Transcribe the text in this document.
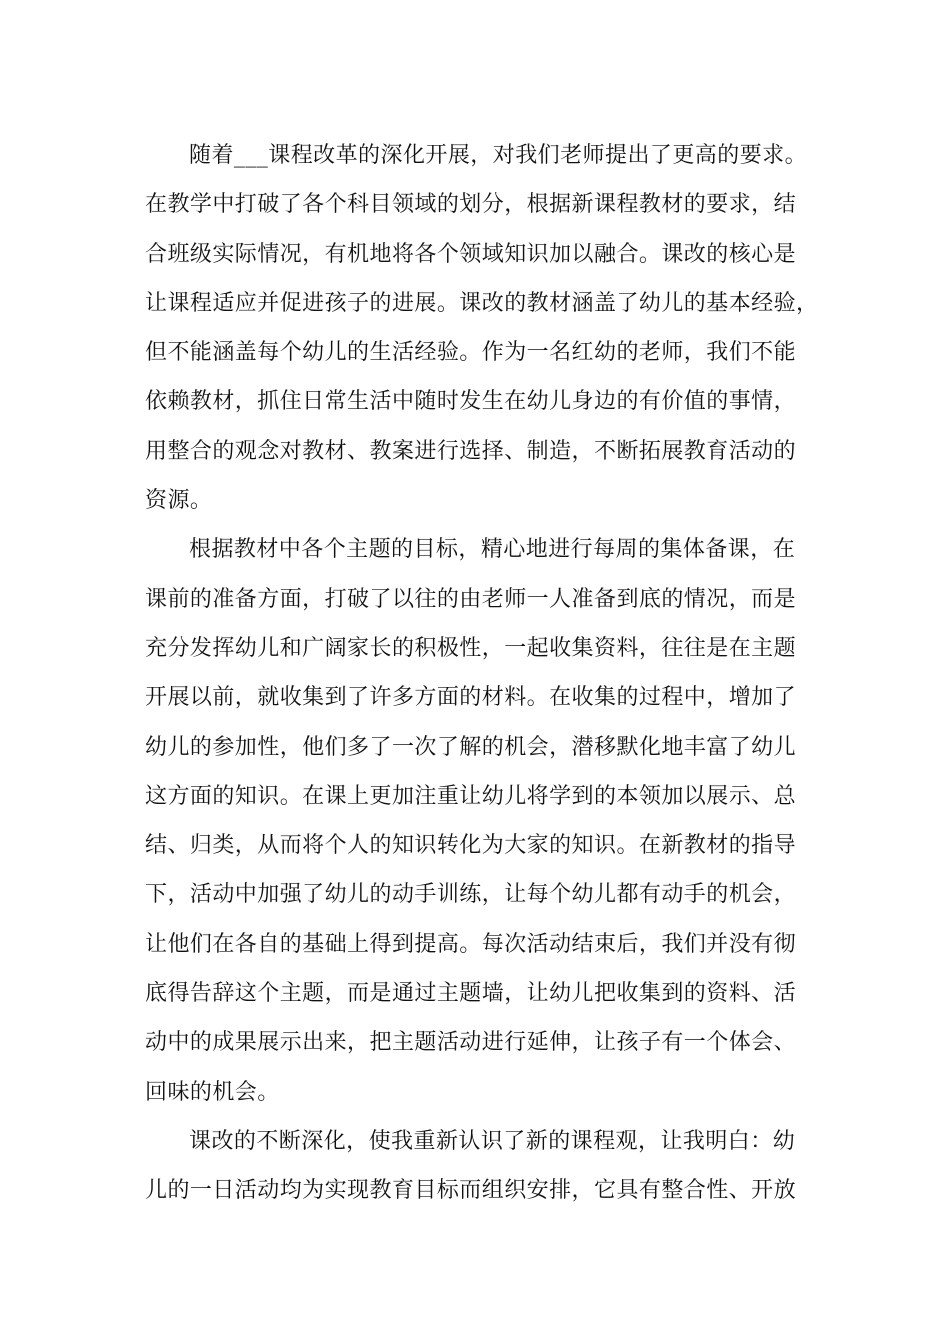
随着___课程改革的深化开展，对我们老师提出了更高的要求。
在教学中打破了各个科目领域的划分，根据新课程教材的要求，结
合班级实际情况，有机地将各个领域知识加以融合。课改的核心是
让课程适应并促进孩子的进展。课改的教材涵盖了幼儿的基本经验，
但不能涵盖每个幼儿的生活经验。作为一名红幼的老师，我们不能
依赖教材，抓住日常生活中随时发生在幼儿身边的有价值的事情，
用整合的观念对教材、教案进行选择、制造，不断拓展教育活动的
资源。
根据教材中各个主题的目标，精心地进行每周的集体备课，在
课前的准备方面，打破了以往的由老师一人准备到底的情况，而是
充分发挥幼儿和广阔家长的积极性，一起收集资料，往往是在主题
开展以前，就收集到了许多方面的材料。在收集的过程中，增加了
幼儿的参加性，他们多了一次了解的机会，潜移默化地丰富了幼儿
这方面的知识。在课上更加注重让幼儿将学到的本领加以展示、总
结、归类，从而将个人的知识转化为大家的知识。在新教材的指导
下，活动中加强了幼儿的动手训练，让每个幼儿都有动手的机会，
让他们在各自的基础上得到提高。每次活动结束后，我们并没有彻
底得告辞这个主题，而是通过主题墙，让幼儿把收集到的资料、活
动中的成果展示出来，把主题活动进行延伸，让孩子有一个体会、
回味的机会。
课改的不断深化，使我重新认识了新的课程观，让我明白：幼
儿的一日活动均为实现教育目标而组织安排，它具有整合性、开放
